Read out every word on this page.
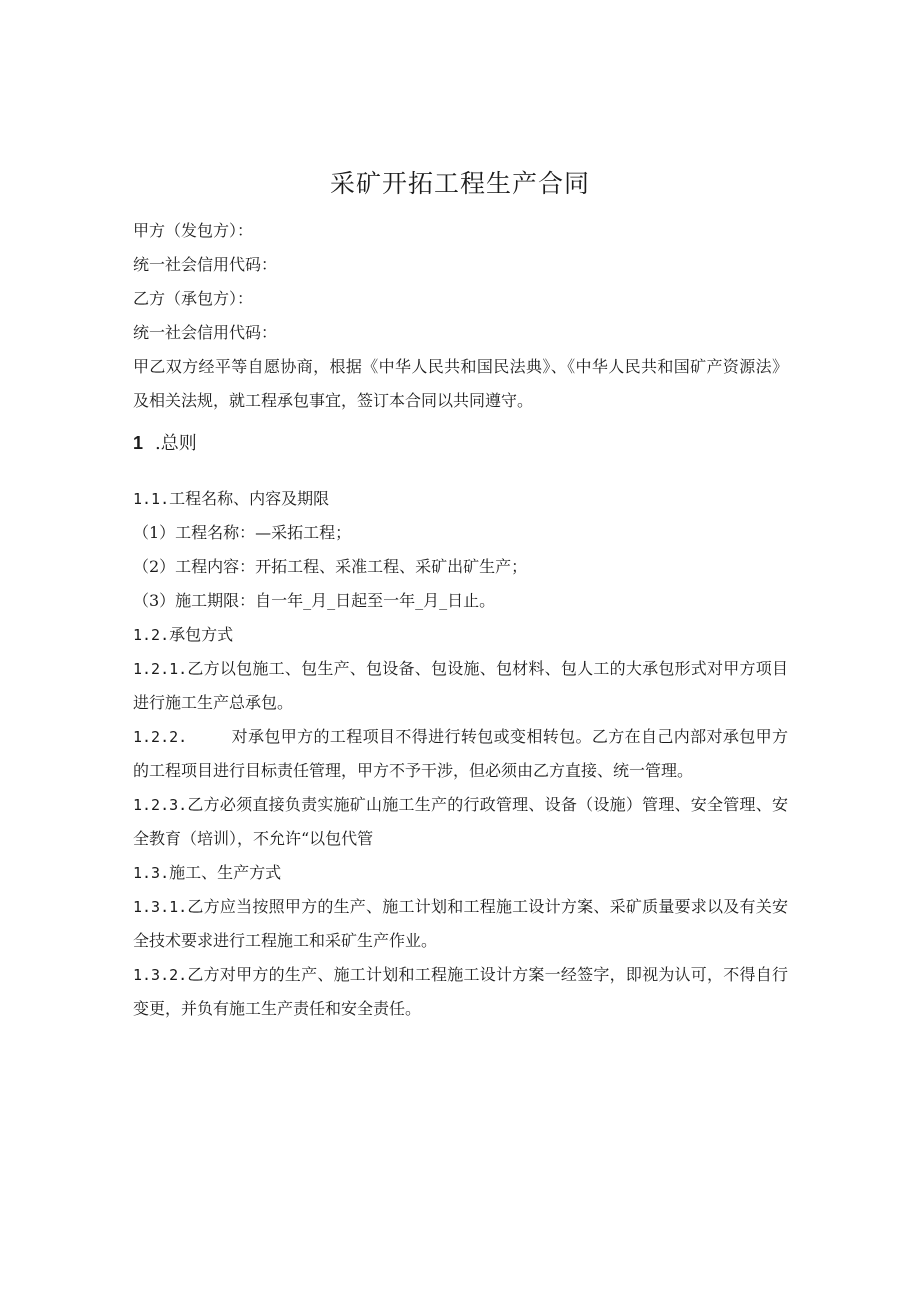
采矿开拓工程生产合同
甲方（发包方）：
统一社会信用代码：
乙方（承包方）：
统一社会信用代码：
甲乙双方经平等自愿协商，根据《中华人民共和国民法典》、《中华人民共和国矿产资源法》及相关法规，就工程承包事宜，签订本合同以共同遵守。
1 .总则
1.1.工程名称、内容及期限
（1）工程名称：—采拓工程；
（2）工程内容：开拓工程、采准工程、采矿出矿生产；
（3）施工期限：自一年_月_日起至一年_月_日止。
1.2.承包方式
1.2.1.乙方以包施工、包生产、包设备、包设施、包材料、包人工的大承包形式对甲方项目进行施工生产总承包。
1.2.2.	对承包甲方的工程项目不得进行转包或变相转包。乙方在自己内部对承包甲方的工程项目进行目标责任管理，甲方不予干涉，但必须由乙方直接、统一管理。
1.2.3.乙方必须直接负责实施矿山施工生产的行政管理、设备（设施）管理、安全管理、安全教育（培训），不允许“以包代管
1.3.施工、生产方式
1.3.1.乙方应当按照甲方的生产、施工计划和工程施工设计方案、采矿质量要求以及有关安全技术要求进行工程施工和采矿生产作业。
1.3.2.乙方对甲方的生产、施工计划和工程施工设计方案一经签字，即视为认可，不得自行变更，并负有施工生产责任和安全责任。
